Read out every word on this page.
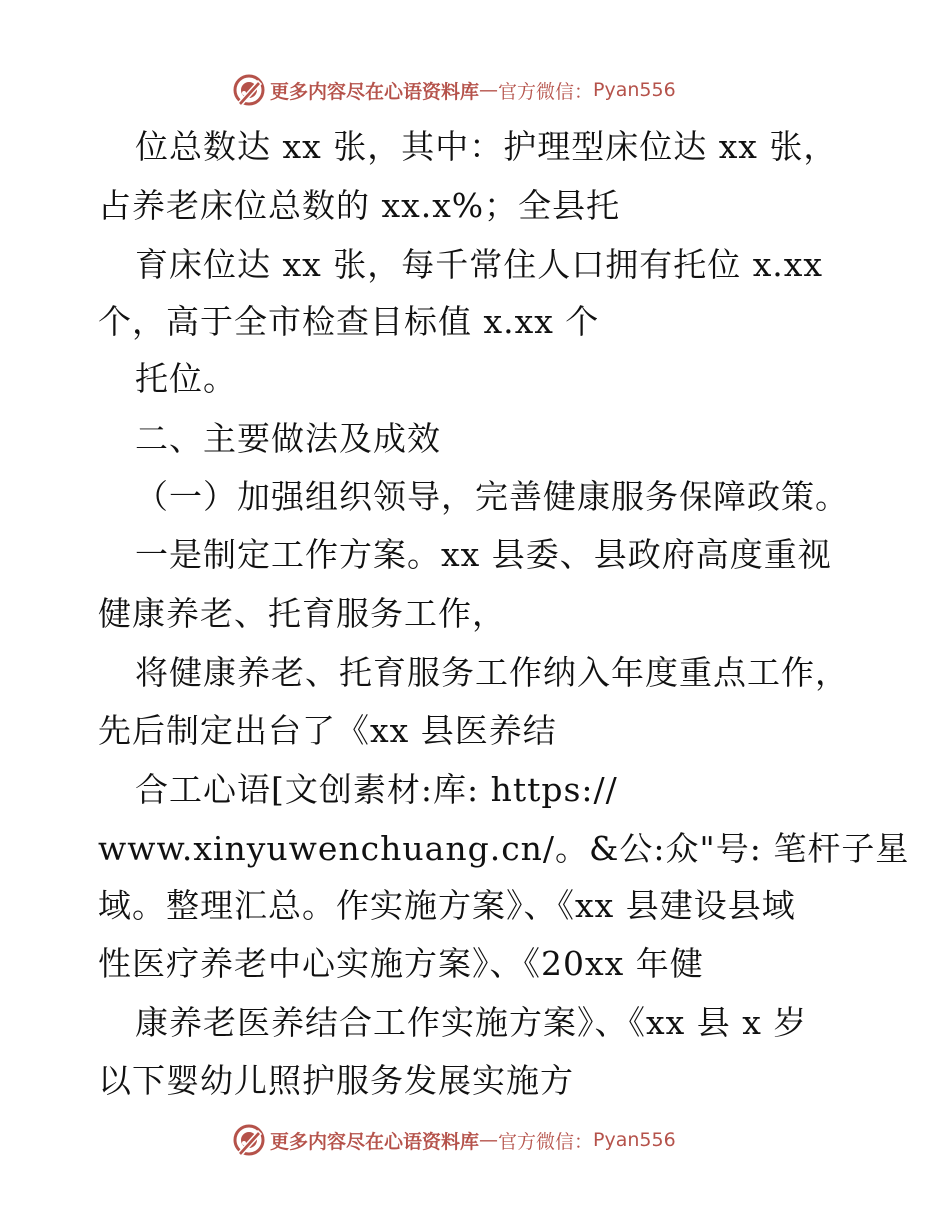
更多内容尽在心语资料库 — 官方微信： Pyan556
位总数达 xx 张，其中：护理型床位达 xx 张，
占养老床位总数的 xx.x%；全县托
育床位达 xx 张，每千常住人口拥有托位 x.xx
个，高于全市检查目标值 x.xx 个
托位。
二、主要做法及成效
（一）加强组织领导，完善健康服务保障政策。
一是制定工作方案。xx 县委、县政府高度重视
健康养老、托育服务工作，
将健康养老、托育服务工作纳入年度重点工作，
先后制定出台了《xx 县医养结
合工心语[文创素材:库: https://
www.xinyuwenchuang.cn/。&公:众"号: 笔杆子星
域。整理汇总。作实施方案》、《xx 县建设县域
性医疗养老中心实施方案》、《20xx 年健
康养老医养结合工作实施方案》、《xx 县 x 岁
以下婴幼儿照护服务发展实施方
更多内容尽在心语资料库 — 官方微信： Pyan556
